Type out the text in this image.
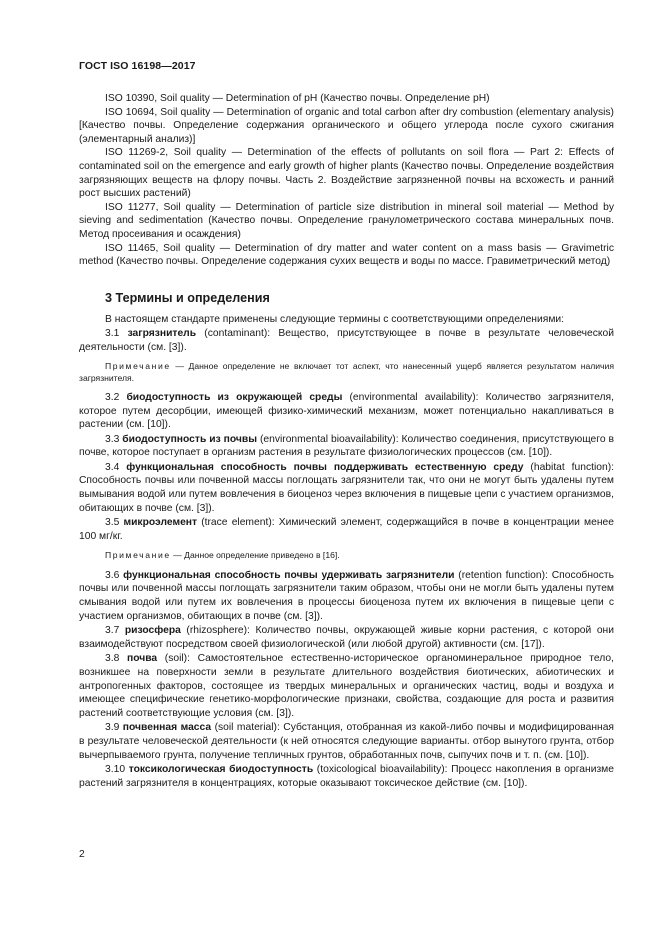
ГОСТ ISO 16198—2017

ISO 10390, Soil quality — Determination of pH (Качество почвы. Определение pH)

ISO 10694, Soil quality — Determination of organic and total carbon after dry combustion (elementary analysis) [Качество почвы. Определение содержания органического и общего углерода после сухого сжигания (элементарный анализ)]

ISO 11269-2, Soil quality — Determination of the effects of pollutants on soil flora — Part 2: Effects of contaminated soil on the emergence and early growth of higher plants (Качество почвы. Определение воздействия загрязняющих веществ на флору почвы. Часть 2. Воздействие загрязненной почвы на всхожесть и ранний рост высших растений)

ISO 11277, Soil quality — Determination of particle size distribution in mineral soil material — Method by sieving and sedimentation (Качество почвы. Определение гранулометрического состава минеральных почв. Метод просеивания и осаждения)

ISO 11465, Soil quality — Determination of dry matter and water content on a mass basis — Gravimetric method (Качество почвы. Определение содержания сухих веществ и воды по массе. Гравиметрический метод)

3 Термины и определения

В настоящем стандарте применены следующие термины с соответствующими определениями:

3.1 загрязнитель (contaminant): Вещество, присутствующее в почве в результате человеческой деятельности (см. [3]).

Примечание — Данное определение не включает тот аспект, что нанесенный ущерб является результатом наличия загрязнителя.

3.2 биодоступность из окружающей среды (environmental availability): Количество загрязнителя, которое путем десорбции, имеющей физико-химический механизм, может потенциально накапливаться в растении (см. [10]).

3.3 биодоступность из почвы (environmental bioavailability): Количество соединения, присутствующего в почве, которое поступает в организм растения в результате физиологических процессов (см. [10]).

3.4 функциональная способность почвы поддерживать естественную среду (habitat function): Способность почвы или почвенной массы поглощать загрязнители так, что они не могут быть удалены путем вымывания водой или путем вовлечения в биоценоз через включения в пищевые цепи с участием организмов, обитающих в почве (см. [3]).

3.5 микроэлемент (trace element): Химический элемент, содержащийся в почве в концентрации менее 100 мг/кг.

Примечание — Данное определение приведено в [16].

3.6 функциональная способность почвы удерживать загрязнители (retention function): Способность почвы или почвенной массы поглощать загрязнители таким образом, чтобы они не могли быть удалены путем смывания водой или путем их вовлечения в процессы биоценоза путем их включения в пищевые цепи с участием организмов, обитающих в почве (см. [3]).

3.7 ризосфера (rhizosphere): Количество почвы, окружающей живые корни растения, с которой они взаимодействуют посредством своей физиологической (или любой другой) активности (см. [17]).

3.8 почва (soil): Самостоятельное естественно-историческое органоминеральное природное тело, возникшее на поверхности земли в результате длительного воздействия биотических, абиотических и антропогенных факторов, состоящее из твердых минеральных и органических частиц, воды и воздуха и имеющее специфические генетико-морфологические признаки, свойства, создающие для роста и развития растений соответствующие условия (см. [3]).

3.9 почвенная масса (soil material): Субстанция, отобранная из какой-либо почвы и модифицированная в результате человеческой деятельности (к ней относятся следующие варианты. отбор вынутого грунта, отбор вычерпываемого грунта, получение тепличных грунтов, обработанных почв, сыпучих почв и т. п. (см. [10]).

3.10 токсикологическая биодоступность (toxicological bioavailability): Процесс накопления в организме растений загрязнителя в концентрациях, которые оказывают токсическое действие (см. [10]).

2
